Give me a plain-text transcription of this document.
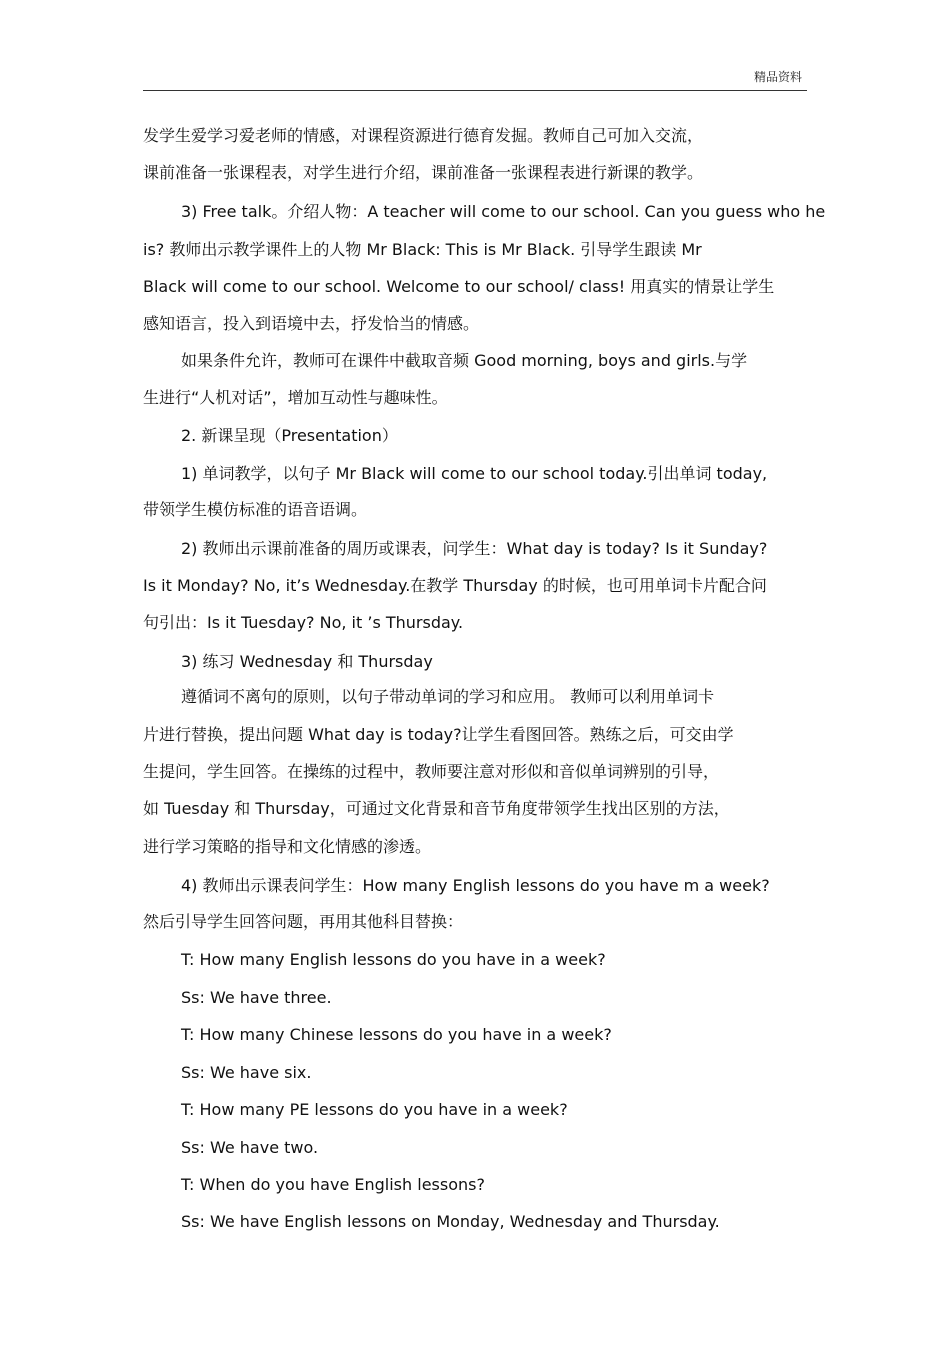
精品资料
发学生爱学习爱老师的情感，对课程资源进行德育发掘。教师自己可加入交流，
课前准备一张课程表，对学生进行介绍，课前准备一张课程表进行新课的教学。
3) Free talk。介绍人物：A teacher will come to our school. Can you guess who he
is? 教师出示教学课件上的人物 Mr Black: This is Mr Black. 引导学生跟读 Mr
Black will come to our school. Welcome to our school/ class! 用真实的情景让学生
感知语言，投入到语境中去，抒发恰当的情感。
如果条件允许，教师可在课件中截取音频 Good morning, boys and girls.与学
生进行“人机对话”，增加互动性与趣味性。
2. 新课呈现（Presentation）
1) 单词教学，以句子 Mr Black will come to our school today.引出单词 today,
带领学生模仿标准的语音语调。
2) 教师出示课前准备的周历或课表，问学生：What day is today? Is it Sunday?
Is it Monday? No, it’s Wednesday.在教学 Thursday 的时候，也可用单词卡片配合问
句引出：Is it Tuesday? No, it ’s Thursday.
3) 练习 Wednesday 和 Thursday
遵循词不离句的原则，以句子带动单词的学习和应用。 教师可以利用单词卡
片进行替换，提出问题 What day is today?让学生看图回答。熟练之后，可交由学
生提问，学生回答。在操练的过程中，教师要注意对形似和音似单词辨别的引导，
如 Tuesday 和 Thursday，可通过文化背景和音节角度带领学生找出区别的方法，
进行学习策略的指导和文化情感的渗透。
4) 教师出示课表问学生：How many English lessons do you have m a week?
然后引导学生回答问题，再用其他科目替换：
T: How many English lessons do you have in a week?
Ss: We have three.
T: How many Chinese lessons do you have in a week?
Ss: We have six.
T: How many PE lessons do you have in a week?
Ss: We have two.
T: When do you have English lessons?
Ss: We have English lessons on Monday, Wednesday and Thursday.
